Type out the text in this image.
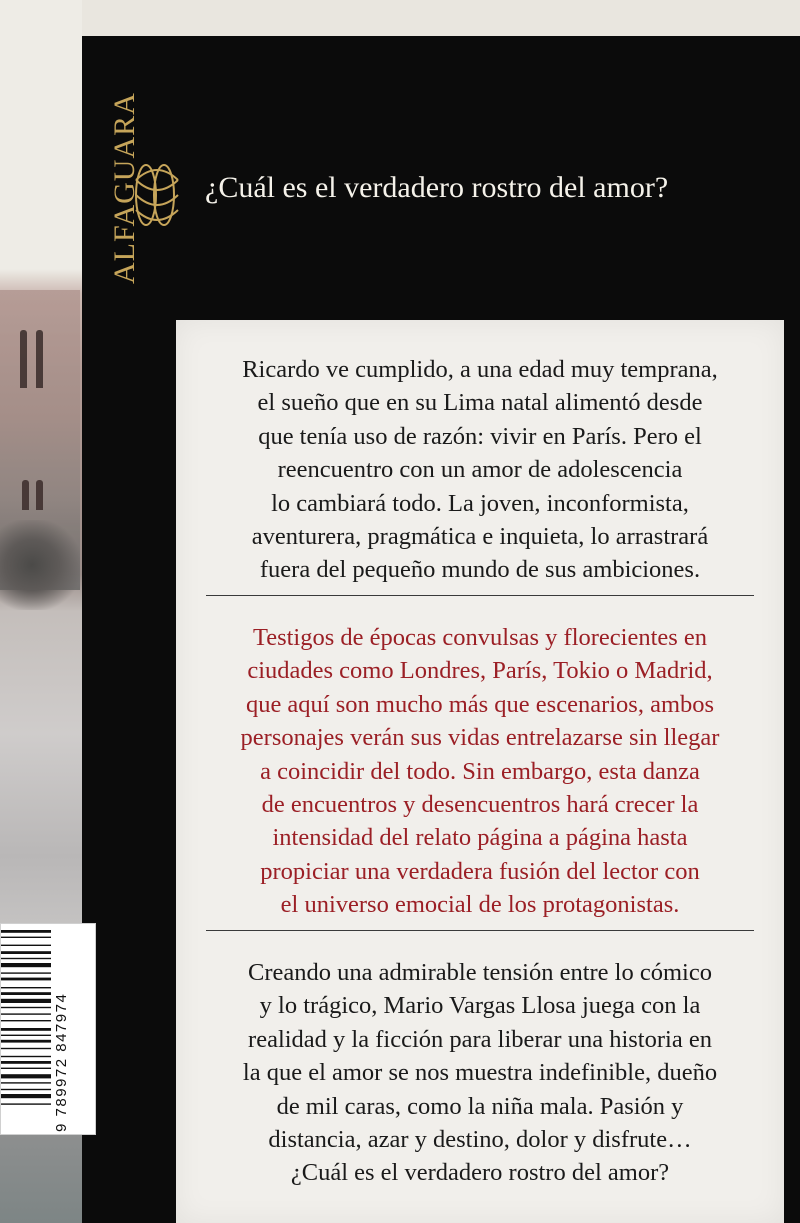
ALFAGUARA	¿Cuál es el verdadero rostro del amor?
Ricardo ve cumplido, a una edad muy temprana,
el sueño que en su Lima natal alimentó desde
que tenía uso de razón: vivir en París. Pero el
reencuentro con un amor de adolescencia
lo cambiará todo. La joven, inconformista,
aventurera, pragmática e inquieta, lo arrastrará
fuera del pequeño mundo de sus ambiciones.
Testigos de épocas convulsas y florecientes en
ciudades como Londres, París, Tokio o Madrid,
que aquí son mucho más que escenarios, ambos
personajes verán sus vidas entrelazarse sin llegar
a coincidir del todo. Sin embargo, esta danza
de encuentros y desencuentros hará crecer la
intensidad del relato página a página hasta
propiciar una verdadera fusión del lector con
el universo emocial de los protagonistas.
Creando una admirable tensión entre lo cómico
y lo trágico, Mario Vargas Llosa juega con la
realidad y la ficción para liberar una historia en
la que el amor se nos muestra indefinible, dueño
de mil caras, como la niña mala. Pasión y
distancia, azar y destino, dolor y disfrute…
¿Cuál es el verdadero rostro del amor?
9 789972 847974
